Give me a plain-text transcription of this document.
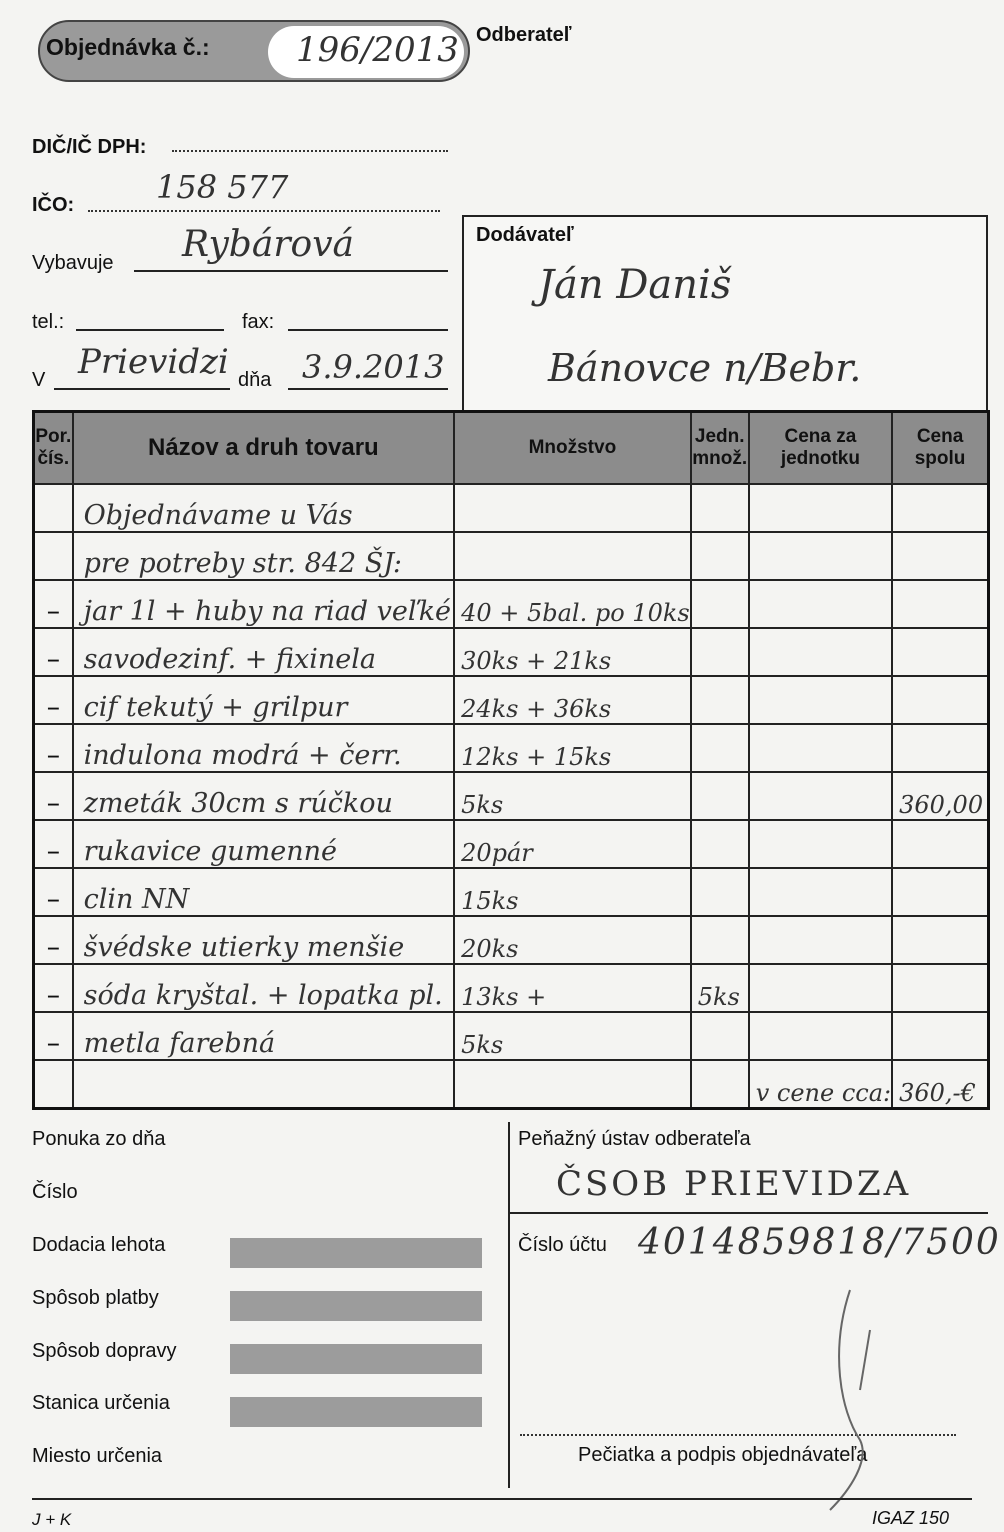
Objednávka č.:	196/2013 Odberateľ
DIČ/IČ DPH:
IČO:	158 577
Vybavuje Rybárová
tel.:	fax:
V Prievidzi dňa 3.9.2013
Dodávateľ
Ján Daniš
Bánovce n/Bebr.
Por. čís.	Názov a druh tovaru	Množstvo	Jedn. množ.	Cena za jednotku	Cena spolu

	Objednávame u Vás				

	pre potreby str. 842 ŠJ:				

–	jar 1l + huby na riad veľké	40 + 5bal. po 10ks			

–	savodezinf. + fixinela	30ks + 21ks			

–	cif tekutý + grilpur	24ks + 36ks			

–	indulona modrá + čerr.	12ks + 15ks			

–	zmeták 30cm s rúčkou	5ks			360,00

–	rukavice gumenné	20pár			

–	clin NN	15ks			

–	švédske utierky menšie	20ks			

–	sóda kryštal. + lopatka pl.	13ks +	5ks		

–	metla farebná	5ks			

				v cene cca:	360,-€
Ponuka zo dňa
Číslo
Dodacia lehota
Spôsob platby
Spôsob dopravy
Stanica určenia
Miesto určenia
Peňažný ústav odberateľa
ČSOB PRIEVIDZA
Číslo účtu 4014859818/7500
Pečiatka a podpis objednávateľa
J + K	IGAZ 150
